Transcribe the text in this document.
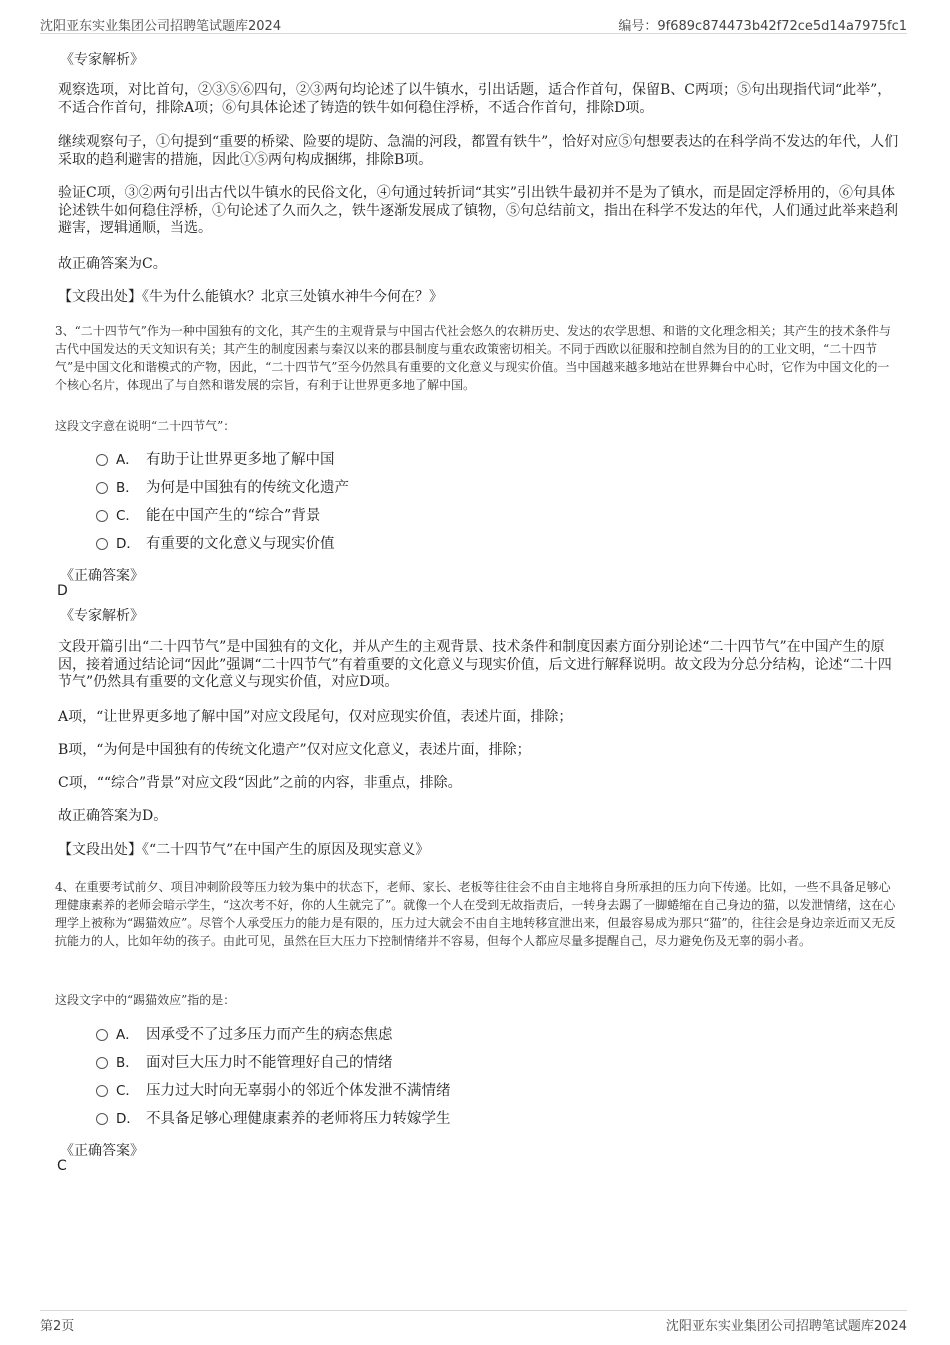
沈阳亚东实业集团公司招聘笔试题库2024	编号：9f689c874473b42f72ce5d14a7975fc1
《专家解析》
观察选项，对比首句，②③⑤⑥四句，②③两句均论述了以牛镇水，引出话题，适合作首句，保留B、C两项；⑤句出现指代词“此举”，不适合作首句，排除A项；⑥句具体论述了铸造的铁牛如何稳住浮桥，不适合作首句，排除D项。
继续观察句子，①句提到“重要的桥梁、险要的堤防、急湍的河段，都置有铁牛”，恰好对应⑤句想要表达的在科学尚不发达的年代，人们采取的趋利避害的措施，因此①⑤两句构成捆绑，排除B项。
验证C项，③②两句引出古代以牛镇水的民俗文化，④句通过转折词“其实”引出铁牛最初并不是为了镇水，而是固定浮桥用的，⑥句具体论述铁牛如何稳住浮桥，①句论述了久而久之，铁牛逐渐发展成了镇物，⑤句总结前文，指出在科学不发达的年代，人们通过此举来趋利避害，逻辑通顺，当选。
故正确答案为C。
【文段出处】《牛为什么能镇水？北京三处镇水神牛今何在？》
3、“二十四节气”作为一种中国独有的文化，其产生的主观背景与中国古代社会悠久的农耕历史、发达的农学思想、和谐的文化理念相关；其产生的技术条件与古代中国发达的天文知识有关；其产生的制度因素与秦汉以来的郡县制度与重农政策密切相关。不同于西欧以征服和控制自然为目的的工业文明，“二十四节气”是中国文化和谐模式的产物，因此，“二十四节气”至今仍然具有重要的文化意义与现实价值。当中国越来越多地站在世界舞台中心时，它作为中国文化的一个核心名片，体现出了与自然和谐发展的宗旨，有利于让世界更多地了解中国。
这段文字意在说明“二十四节气”：
A． 有助于让世界更多地了解中国
B． 为何是中国独有的传统文化遗产
C． 能在中国产生的“综合”背景
D． 有重要的文化意义与现实价值
《正确答案》
D
《专家解析》
文段开篇引出“二十四节气”是中国独有的文化，并从产生的主观背景、技术条件和制度因素方面分别论述“二十四节气”在中国产生的原因，接着通过结论词“因此”强调“二十四节气”有着重要的文化意义与现实价值，后文进行解释说明。故文段为分总分结构，论述“二十四节气”仍然具有重要的文化意义与现实价值，对应D项。
A项，“让世界更多地了解中国”对应文段尾句，仅对应现实价值，表述片面，排除；
B项，“为何是中国独有的传统文化遗产”仅对应文化意义，表述片面，排除；
C项，““综合”背景”对应文段“因此”之前的内容，非重点，排除。
故正确答案为D。
【文段出处】《“二十四节气”在中国产生的原因及现实意义》
4、在重要考试前夕、项目冲刺阶段等压力较为集中的状态下，老师、家长、老板等往往会不由自主地将自身所承担的压力向下传递。比如，一些不具备足够心理健康素养的老师会暗示学生，“这次考不好，你的人生就完了”。就像一个人在受到无故指责后，一转身去踢了一脚蜷缩在自己身边的猫，以发泄情绪，这在心理学上被称为“踢猫效应”。尽管个人承受压力的能力是有限的，压力过大就会不由自主地转移宣泄出来，但最容易成为那只“猫”的，往往会是身边亲近而又无反抗能力的人，比如年幼的孩子。由此可见，虽然在巨大压力下控制情绪并不容易，但每个人都应尽量多提醒自己，尽力避免伤及无辜的弱小者。
这段文字中的“踢猫效应”指的是：
A． 因承受不了过多压力而产生的病态焦虑
B． 面对巨大压力时不能管理好自己的情绪
C． 压力过大时向无辜弱小的邻近个体发泄不满情绪
D． 不具备足够心理健康素养的老师将压力转嫁学生
《正确答案》
C
第2页	沈阳亚东实业集团公司招聘笔试题库2024
